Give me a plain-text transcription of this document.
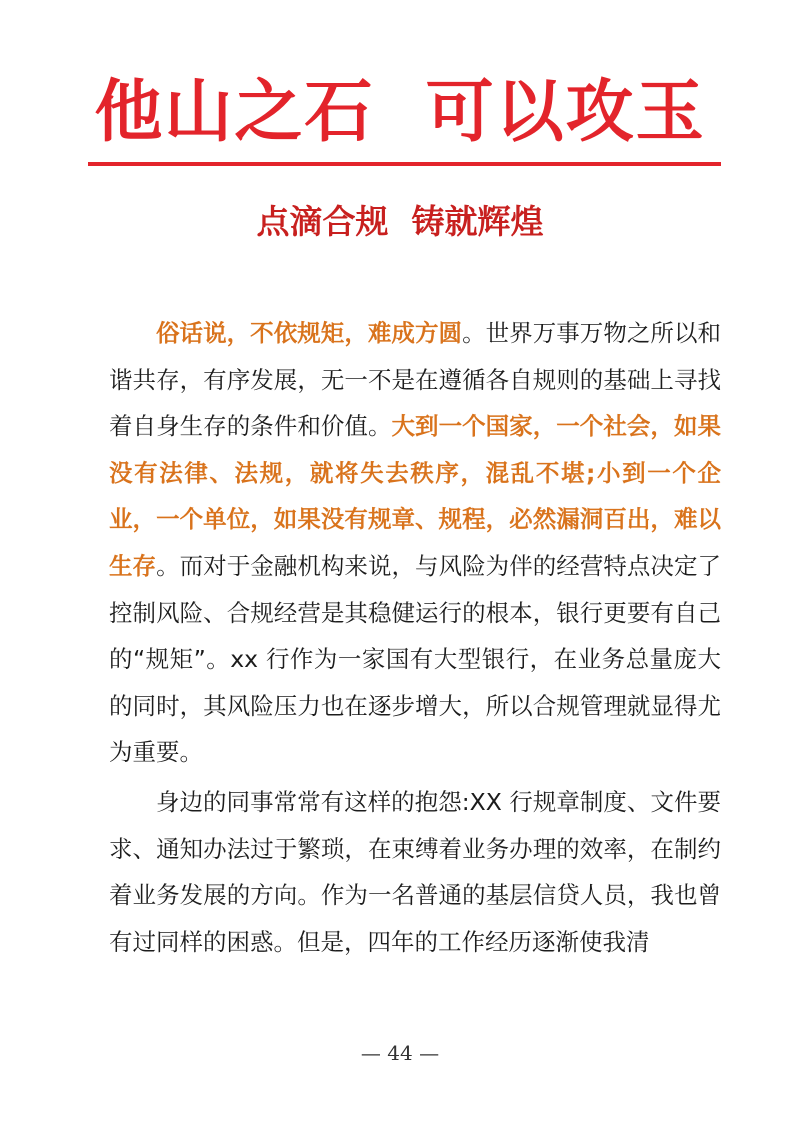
他山之石  可以攻玉
点滴合规  铸就辉煌

俗话说，不依规矩，难成方圆。世界万事万物之所以和谐共存，有序发展，无一不是在遵循各自规则的基础上寻找着自身生存的条件和价值。大到一个国家，一个社会，如果没有法律、法规，就将失去秩序，混乱不堪;小到一个企业，一个单位，如果没有规章、规程，必然漏洞百出，难以生存。而对于金融机构来说，与风险为伴的经营特点决定了控制风险、合规经营是其稳健运行的根本，银行更要有自己的“规矩”。xx 行作为一家国有大型银行，在业务总量庞大的同时，其风险压力也在逐步增大，所以合规管理就显得尤为重要。

身边的同事常常有这样的抱怨:XX 行规章制度、文件要求、通知办法过于繁琐，在束缚着业务办理的效率，在制约着业务发展的方向。作为一名普通的基层信贷人员，我也曾有过同样的困惑。但是，四年的工作经历逐渐使我清

— 44 —
